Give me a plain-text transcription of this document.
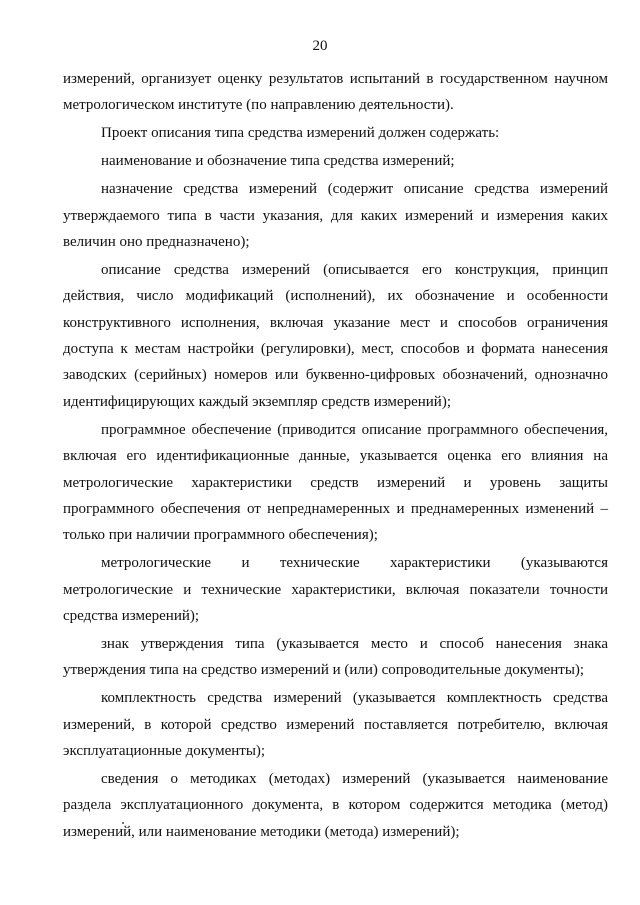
20

измерений, организует оценку результатов испытаний в государственном научном метрологическом институте (по направлению деятельности).

Проект описания типа средства измерений должен содержать:

наименование и обозначение типа средства измерений;

назначение средства измерений (содержит описание средства измерений утверждаемого типа в части указания, для каких измерений и измерения каких величин оно предназначено);

описание средства измерений (описывается его конструкция, принцип действия, число модификаций (исполнений), их обозначение и особенности конструктивного исполнения, включая указание мест и способов ограничения доступа к местам настройки (регулировки), мест, способов и формата нанесения заводских (серийных) номеров или буквенно-цифровых обозначений, однозначно идентифицирующих каждый экземпляр средств измерений);

программное обеспечение (приводится описание программного обеспечения, включая его идентификационные данные, указывается оценка его влияния на метрологические характеристики средств измерений и уровень защиты программного обеспечения от непреднамеренных и преднамеренных изменений – только при наличии программного обеспечения);

метрологические и технические характеристики (указываются метрологические и технические характеристики, включая показатели точности средства измерений);

знак утверждения типа (указывается место и способ нанесения знака утверждения типа на средство измерений и (или) сопроводительные документы);

комплектность средства измерений (указывается комплектность средства измерений, в которой средство измерений поставляется потребителю, включая эксплуатационные документы);

сведения о методиках (методах) измерений (указывается наименование раздела эксплуатационного документа, в котором содержится методика (метод) измерений, или наименование методики (метода) измерений);
